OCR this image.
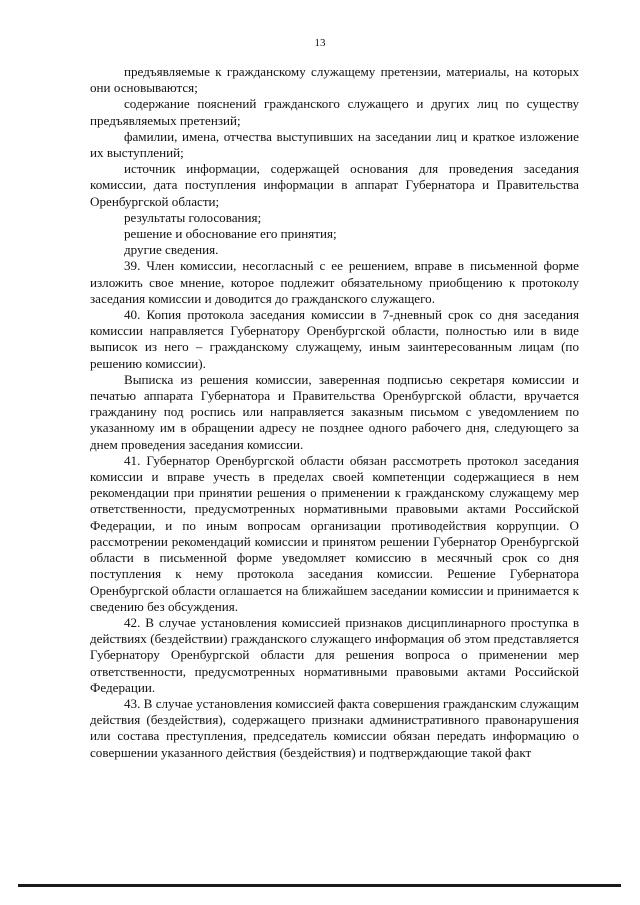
13

предъявляемые к гражданскому служащему претензии, материалы, на которых они основываются;

содержание пояснений гражданского служащего и других лиц по существу предъявляемых претензий;

фамилии, имена, отчества выступивших на заседании лиц и краткое изложение их выступлений;

источник информации, содержащей основания для проведения заседания комиссии, дата поступления информации в аппарат Губернатора и Правительства Оренбургской области;

результаты голосования;

решение и обоснование его принятия;

другие сведения.

39. Член комиссии, несогласный с ее решением, вправе в письменной форме изложить свое мнение, которое подлежит обязательному приобщению к протоколу заседания комиссии и доводится до гражданского служащего.

40. Копия протокола заседания комиссии в 7-дневный срок со дня заседания комиссии направляется Губернатору Оренбургской области, полностью или в виде выписок из него – гражданскому служащему, иным заинтересованным лицам (по решению комиссии).

Выписка из решения комиссии, заверенная подписью секретаря комиссии и печатью аппарата Губернатора и Правительства Оренбургской области, вручается гражданину под роспись или направляется заказным письмом с уведомлением по указанному им в обращении адресу не позднее одного рабочего дня, следующего за днем проведения заседания комиссии.

41. Губернатор Оренбургской области обязан рассмотреть протокол заседания комиссии и вправе учесть в пределах своей компетенции содержащиеся в нем рекомендации при принятии решения о применении к гражданскому служащему мер ответственности, предусмотренных нормативными правовыми актами Российской Федерации, и по иным вопросам организации противодействия коррупции. О рассмотрении рекомендаций комиссии и принятом решении Губернатор Оренбургской области в письменной форме уведомляет комиссию в месячный срок со дня поступления к нему протокола заседания комиссии. Решение Губернатора Оренбургской области оглашается на ближайшем заседании комиссии и принимается к сведению без обсуждения.

42. В случае установления комиссией признаков дисциплинарного проступка в действиях (бездействии) гражданского служащего информация об этом представляется Губернатору Оренбургской области для решения вопроса о применении мер ответственности, предусмотренных нормативными правовыми актами Российской Федерации.

43. В случае установления комиссией факта совершения гражданским служащим действия (бездействия), содержащего признаки административного правонарушения или состава преступления, председатель комиссии обязан передать информацию о совершении указанного действия (бездействия) и подтверждающие такой факт
